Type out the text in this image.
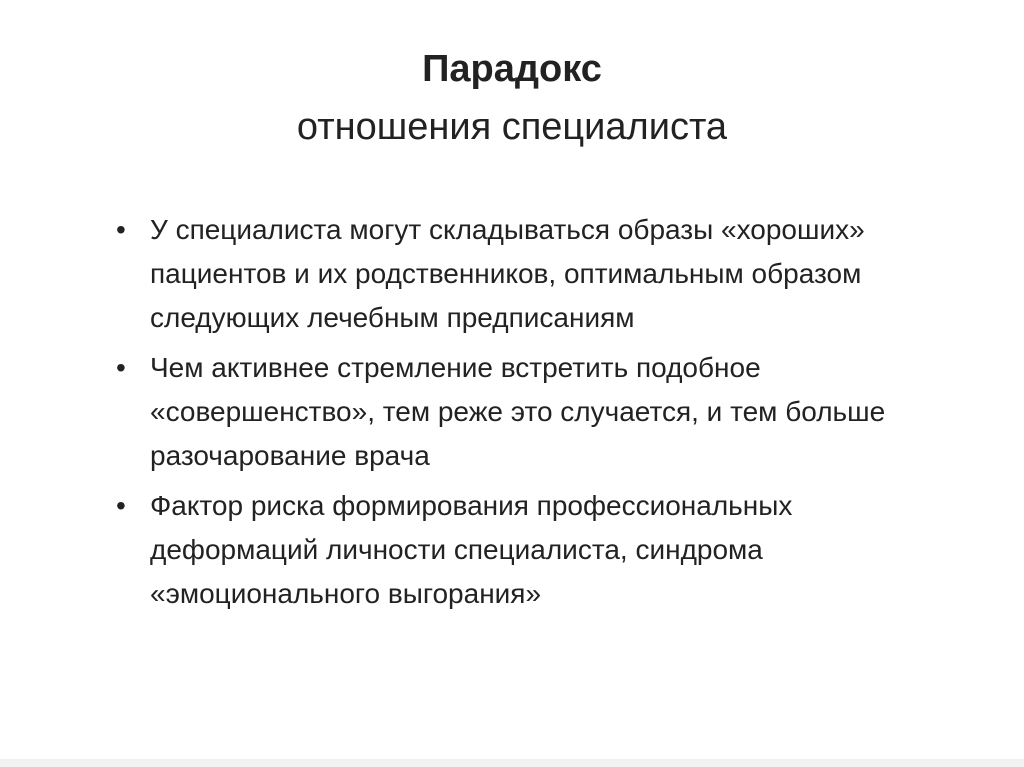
Парадокс
отношения специалиста
• У специалиста могут складываться образы «хороших» пациентов и их родственников, оптимальным образом следующих лечебным предписаниям
• Чем активнее стремление встретить подобное «совершенство», тем реже это случается, и тем больше разочарование врача
• Фактор риска формирования профессиональных деформаций личности специалиста, синдрома «эмоционального выгорания»
